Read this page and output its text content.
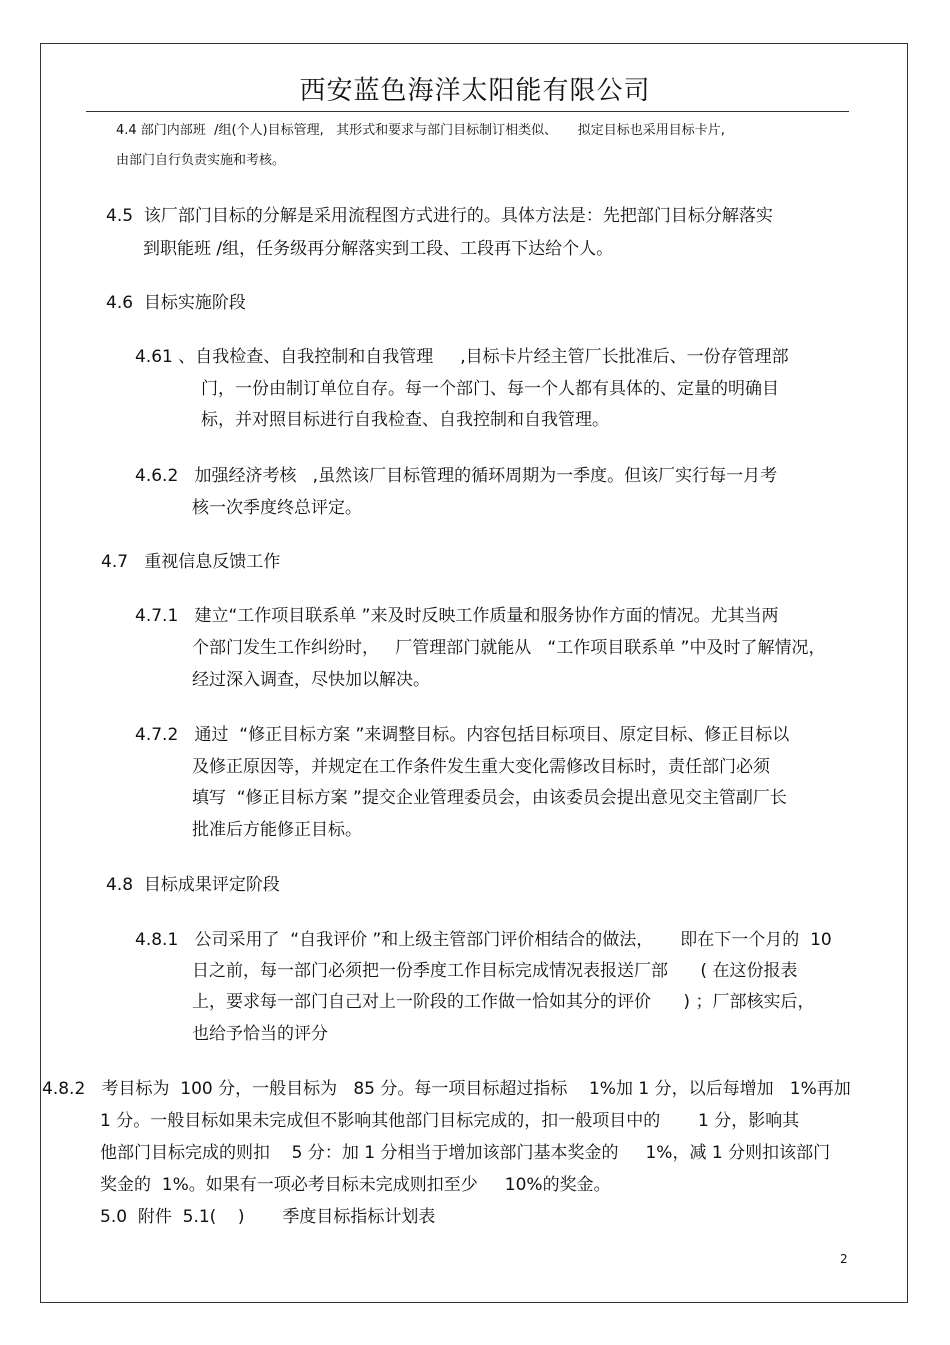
西安蓝色海洋太阳能有限公司
4.4 部门内部班  /组(个人)目标管理,   其形式和要求与部门目标制订相类似、     拟定目标也采用目标卡片,
由部门自行负责实施和考核。
4.5  该厂部门目标的分解是采用流程图方式进行的。具体方法是：先把部门目标分解落实
到职能班 /组，任务级再分解落实到工段、工段再下达给个人。
4.6  目标实施阶段
4.61 、自我检查、自我控制和自我管理     ,目标卡片经主管厂长批准后、一份存管理部
门，一份由制订单位自存。每一个部门、每一个人都有具体的、定量的明确目
标，并对照目标进行自我检查、自我控制和自我管理。
4.6.2   加强经济考核   ,虽然该厂目标管理的循环周期为一季度。但该厂实行每一月考
核一次季度终总评定。
4.7   重视信息反馈工作
4.7.1   建立“工作项目联系单 ”来及时反映工作质量和服务协作方面的情况。尤其当两
个部门发生工作纠纷时，   厂管理部门就能从   “工作项目联系单 ”中及时了解情况，
经过深入调查，尽快加以解决。
4.7.2   通过  “修正目标方案 ”来调整目标。内容包括目标项目、原定目标、修正目标以
及修正原因等，并规定在工作条件发生重大变化需修改目标时，责任部门必须
填写  “修正目标方案 ”提交企业管理委员会，由该委员会提出意见交主管副厂长
批准后方能修正目标。
4.8  目标成果评定阶段
4.8.1   公司采用了  “自我评价 ”和上级主管部门评价相结合的做法，     即在下一个月的  10
日之前，每一部门必须把一份季度工作目标完成情况表报送厂部      ( 在这份报表
上，要求每一部门自己对上一阶段的工作做一恰如其分的评价      ) ；厂部核实后，
也给予恰当的评分
4.8.2   考目标为  100 分，一般目标为   85 分。每一项目标超过指标    1%加 1 分，以后每增加   1%再加
1 分。一般目标如果未完成但不影响其他部门目标完成的，扣一般项目中的       1 分，影响其
他部门目标完成的则扣    5 分：加 1 分相当于增加该部门基本奖金的     1%，减 1 分则扣该部门
奖金的  1%。如果有一项必考目标未完成则扣至少     10%的奖金。
5.0  附件  5.1(    )       季度目标指标计划表
2
